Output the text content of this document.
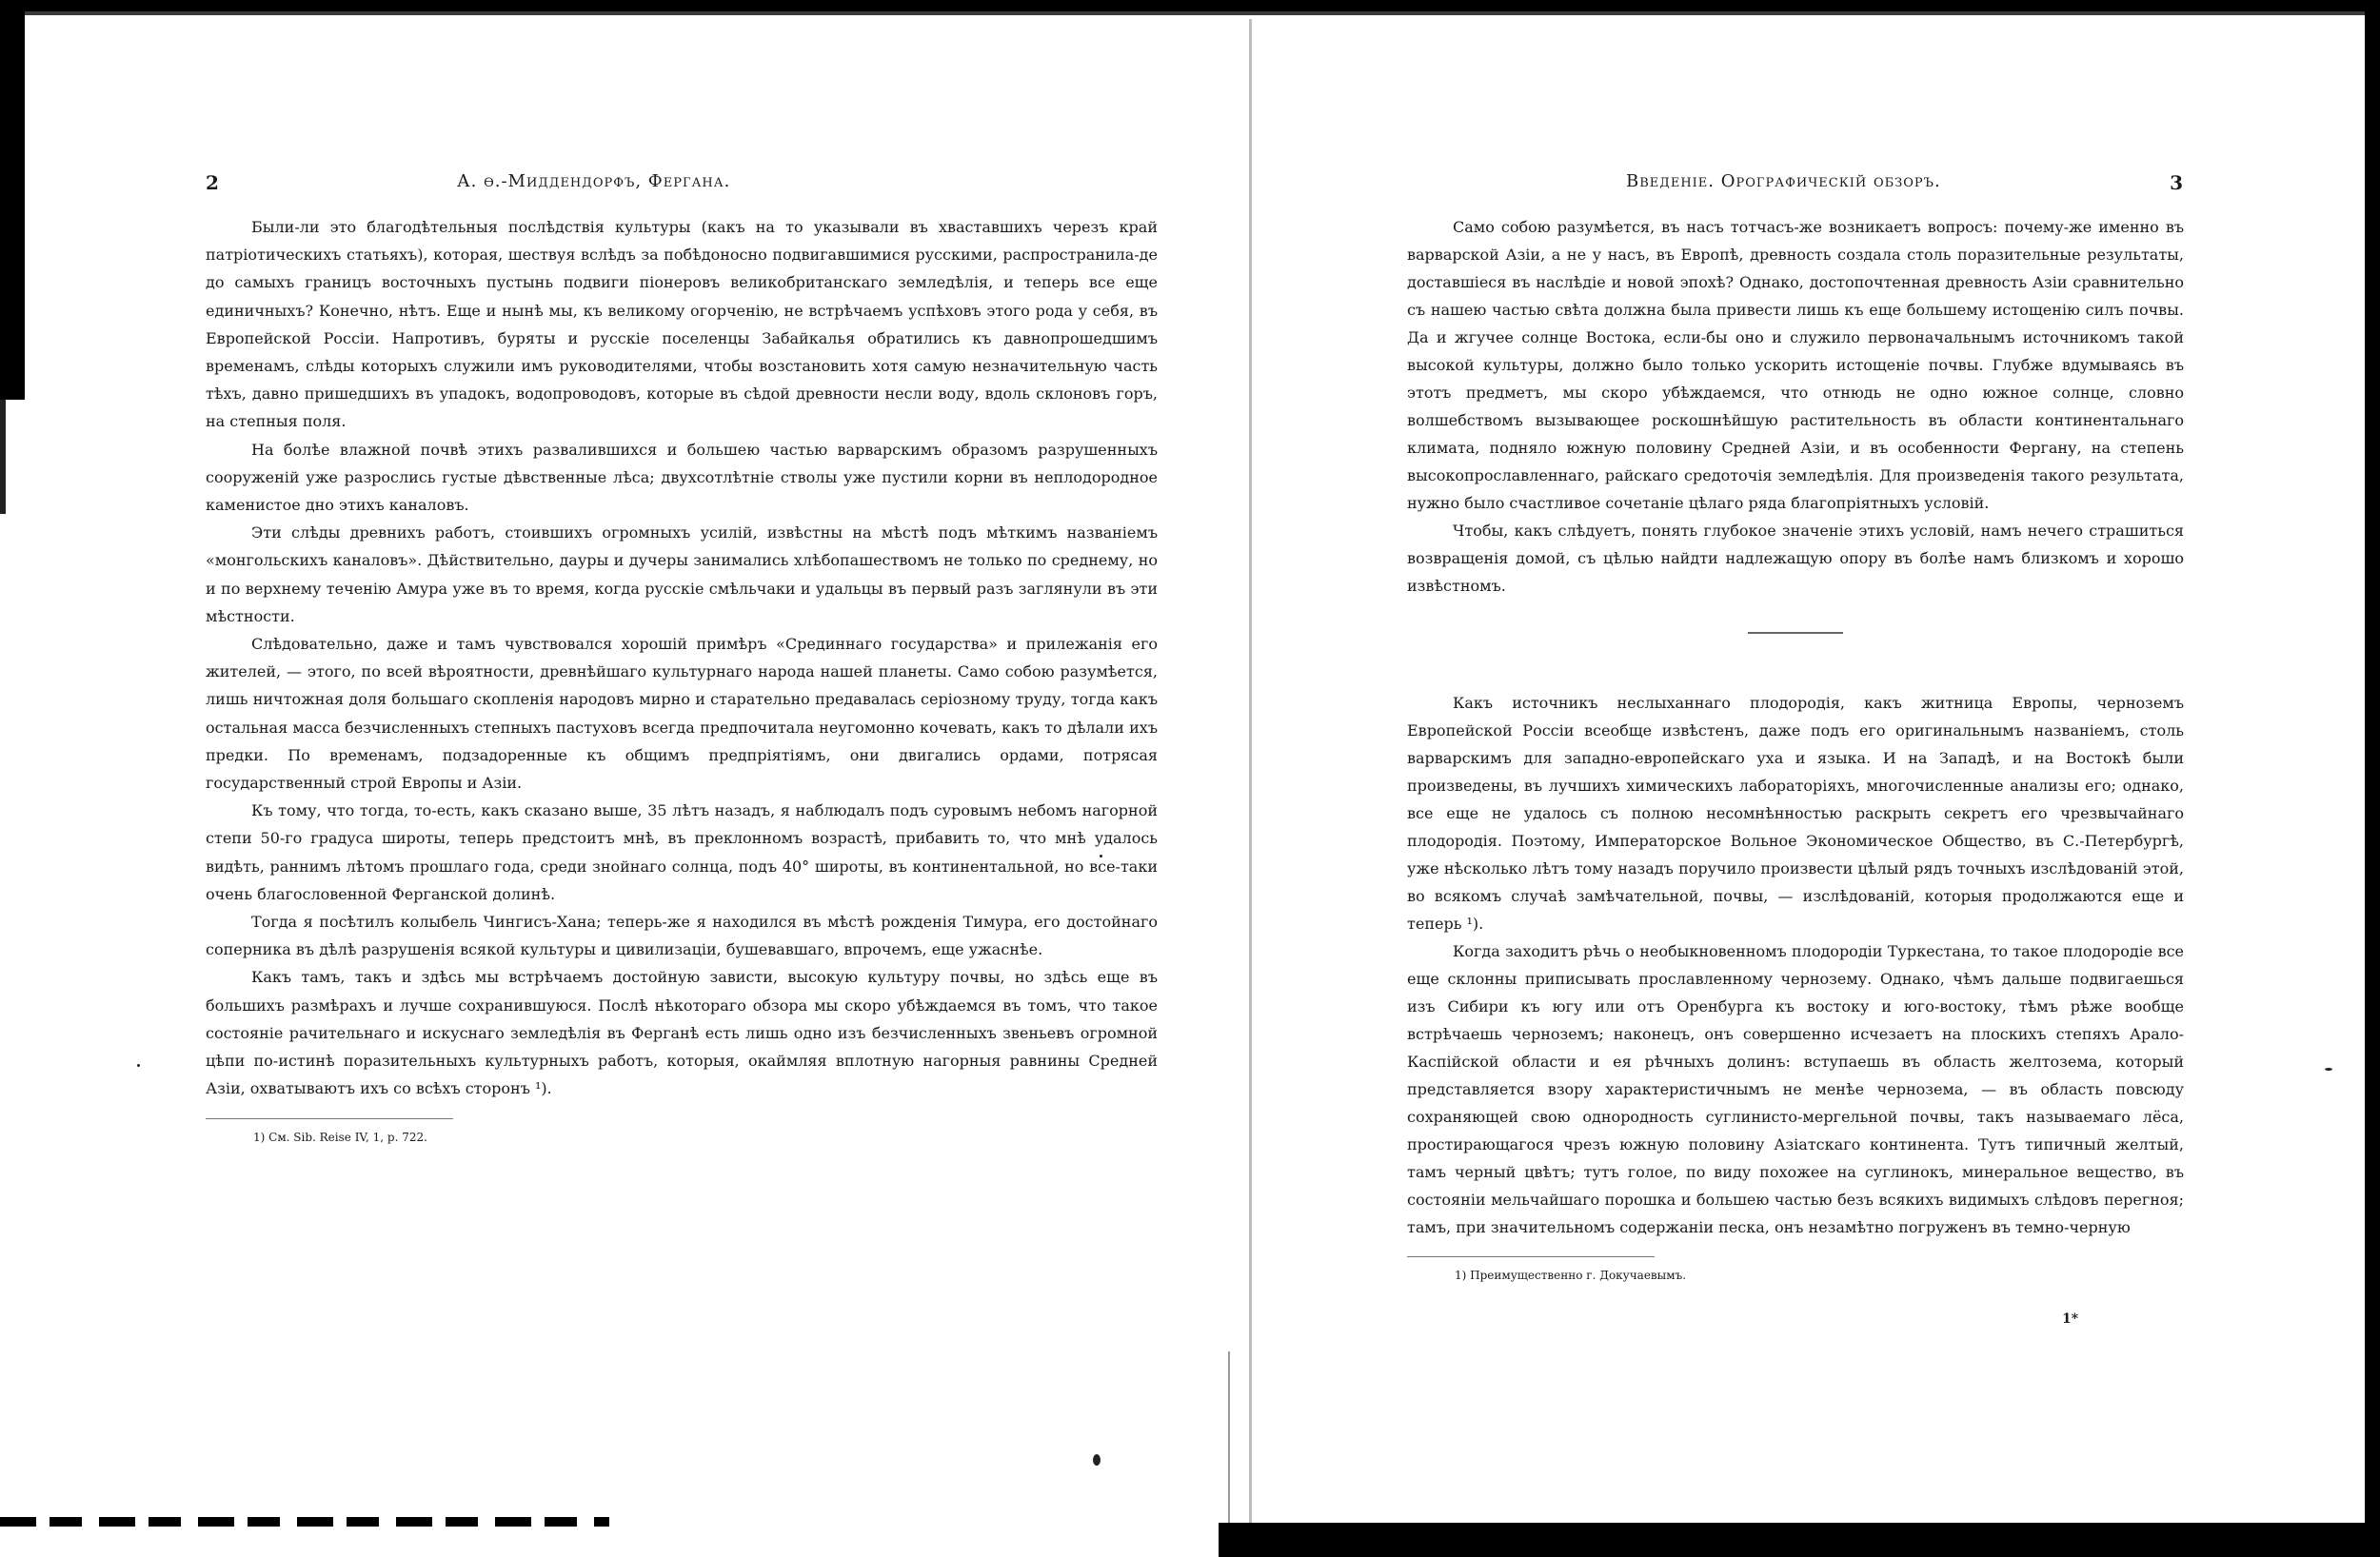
2	А. ѳ.-Миддендорфъ, Фергана.

Были-ли это благодѣтельныя послѣдствія культуры (какъ на то указывали въ хваставшихъ черезъ край патріотическихъ статьяхъ), которая, шествуя вслѣдъ за побѣдоносно подвигавшимися русскими, распространила-де до самыхъ границъ восточныхъ пустынь подвиги піонеровъ великобританскаго земледѣлія, и теперь все еще единичныхъ? Конечно, нѣтъ. Еще и нынѣ мы, къ великому огорченію, не встрѣчаемъ успѣховъ этого рода у себя, въ Европейской Россіи. Напротивъ, буряты и русскіе поселенцы Забайкалья обратились къ давнопрошедшимъ временамъ, слѣды которыхъ служили имъ руководителями, чтобы возстановить хотя самую незначительную часть тѣхъ, давно пришедшихъ въ упадокъ, водопроводовъ, которые въ сѣдой древности несли воду, вдоль склоновъ горъ, на степныя поля.

На болѣе влажной почвѣ этихъ развалившихся и большею частью варварскимъ образомъ разрушенныхъ сооруженій уже разрослись густые дѣвственные лѣса; двухсотлѣтніе стволы уже пустили корни въ неплодородное каменистое дно этихъ каналовъ.

Эти слѣды древнихъ работъ, стоившихъ огромныхъ усилій, извѣстны на мѣстѣ подъ мѣткимъ названіемъ «монгольскихъ каналовъ». Дѣйствительно, дауры и дучеры занимались хлѣбопашествомъ не только по среднему, но и по верхнему теченію Амура уже въ то время, когда русскіе смѣльчаки и удальцы въ первый разъ заглянули въ эти мѣстности.

Слѣдовательно, даже и тамъ чувствовался хорошій примѣръ «Срединнаго государства» и прилежанія его жителей, — этого, по всей вѣроятности, древнѣйшаго культурнаго народа нашей планеты. Само собою разумѣется, лишь ничтожная доля большаго скопленія народовъ мирно и старательно предавалась серіозному труду, тогда какъ остальная масса безчисленныхъ степныхъ пастуховъ всегда предпочитала неугомонно кочевать, какъ то дѣлали ихъ предки. По временамъ, подзадоренные къ общимъ предпріятіямъ, они двигались ордами, потрясая государственный строй Европы и Азіи.

Къ тому, что тогда, то-есть, какъ сказано выше, 35 лѣтъ назадъ, я наблюдалъ подъ суровымъ небомъ нагорной степи 50-го градуса широты, теперь предстоитъ мнѣ, въ преклонномъ возрастѣ, прибавить то, что мнѣ удалось видѣть, раннимъ лѣтомъ прошлаго года, среди знойнаго солнца, подъ 40° широты, въ континентальной, но все-таки очень благословенной Ферганской долинѣ.

Тогда я посѣтилъ колыбель Чингисъ-Хана; теперь-же я находился въ мѣстѣ рожденія Тимура, его достойнаго соперника въ дѣлѣ разрушенія всякой культуры и цивилизаціи, бушевавшаго, впрочемъ, еще ужаснѣе.

Какъ тамъ, такъ и здѣсь мы встрѣчаемъ достойную зависти, высокую культуру почвы, но здѣсь еще въ большихъ размѣрахъ и лучше сохранившуюся. Послѣ нѣкотораго обзора мы скоро убѣждаемся въ томъ, что такое состояніе рачительнаго и искуснаго земледѣлія въ Ферганѣ есть лишь одно изъ безчисленныхъ звеньевъ огромной цѣпи по-истинѣ поразительныхъ культурныхъ работъ, которыя, окаймляя вплотную нагорныя равнины Средней Азіи, охватываютъ ихъ со всѣхъ сторонъ ¹).

1) См. Sib. Reise IV, 1, p. 722.
Введеніе. Орографическій обзоръ.	3

Само собою разумѣется, въ насъ тотчасъ-же возникаетъ вопросъ: почему-же именно въ варварской Азіи, а не у насъ, въ Европѣ, древность создала столь поразительные результаты, доставшіеся въ наслѣдіе и новой эпохѣ? Однако, достопочтенная древность Азіи сравнительно съ нашею частью свѣта должна была привести лишь къ еще большему истощенію силъ почвы. Да и жгучее солнце Востока, если-бы оно и служило первоначальнымъ источникомъ такой высокой культуры, должно было только ускорить истощеніе почвы. Глубже вдумываясь въ этотъ предметъ, мы скоро убѣждаемся, что отнюдь не одно южное солнце, словно волшебствомъ вызывающее роскошнѣйшую растительность въ области континентальнаго климата, подняло южную половину Средней Азіи, и въ особенности Фергану, на степень высокопрославленнаго, райскаго средоточія земледѣлія. Для произведенія такого результата, нужно было счастливое сочетаніе цѣлаго ряда благопріятныхъ условій.

Чтобы, какъ слѣдуетъ, понять глубокое значеніе этихъ условій, намъ нечего страшиться возвращенія домой, съ цѣлью найдти надлежащую опору въ болѣе намъ близкомъ и хорошо извѣстномъ.

Какъ источникъ неслыханнаго плодородія, какъ житница Европы, черноземъ Европейской Россіи всеобще извѣстенъ, даже подъ его оригинальнымъ названіемъ, столь варварскимъ для западно-европейскаго уха и языка. И на Западѣ, и на Востокѣ были произведены, въ лучшихъ химическихъ лабораторіяхъ, многочисленные анализы его; однако, все еще не удалось съ полною несомнѣнностью раскрыть секретъ его чрезвычайнаго плодородія. Поэтому, Императорское Вольное Экономическое Общество, въ С.-Петербургѣ, уже нѣсколько лѣтъ тому назадъ поручило произвести цѣлый рядъ точныхъ изслѣдованій этой, во всякомъ случаѣ замѣчательной, почвы, — изслѣдованій, которыя продолжаются еще и теперь ¹).

Когда заходитъ рѣчь о необыкновенномъ плодородіи Туркестана, то такое плодородіе все еще склонны приписывать прославленному чернозему. Однако, чѣмъ дальше подвигаешься изъ Сибири къ югу или отъ Оренбурга къ востоку и юго-востоку, тѣмъ рѣже вообще встрѣчаешь черноземъ; наконецъ, онъ совершенно исчезаетъ на плоскихъ степяхъ Арало-Каспійской области и ея рѣчныхъ долинъ: вступаешь въ область желтозема, который представляется взору характеристичнымъ не менѣе чернозема, — въ область повсюду сохраняющей свою однородность суглинисто-мергельной почвы, такъ называемаго лёса, простирающагося чрезъ южную половину Азіатскаго континента. Тутъ типичный желтый, тамъ черный цвѣтъ; тутъ голое, по виду похожее на суглинокъ, минеральное вещество, въ состояніи мельчайшаго порошка и большею частью безъ всякихъ видимыхъ слѣдовъ перегноя; тамъ, при значительномъ содержаніи песка, онъ незамѣтно погруженъ въ темно-черную

1) Преимущественно г. Докучаевымъ.
1*
